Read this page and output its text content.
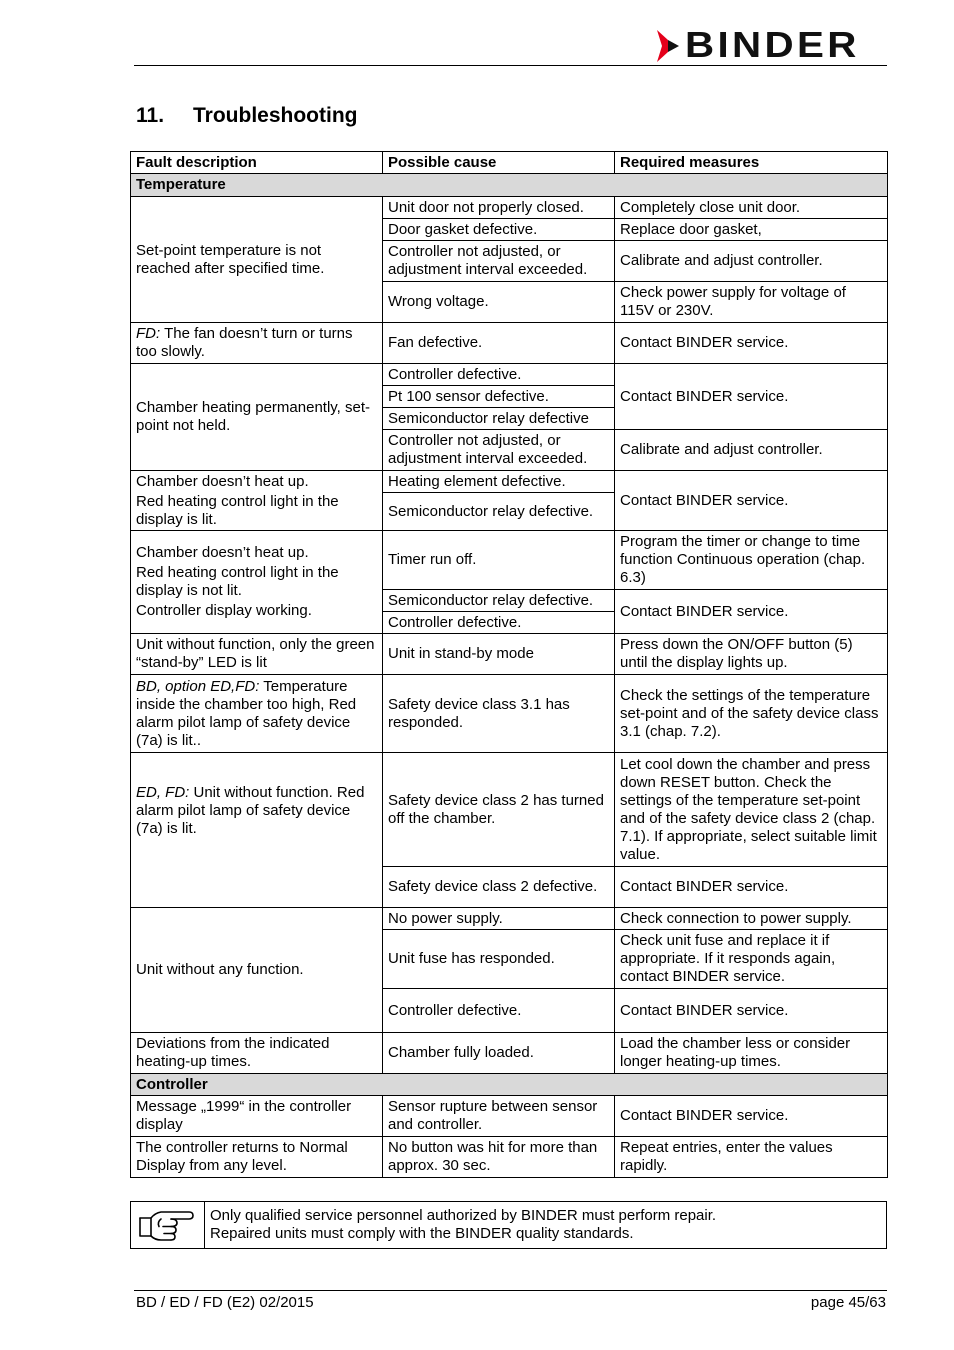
BINDER
11. Troubleshooting
Fault description	Possible cause	Required measures
Temperature		
Set-point temperature is not reached after specified time.	Unit door not properly closed.	Completely close unit door.
	Door gasket defective.	Replace door gasket,
	Controller not adjusted, or adjustment interval exceeded.	Calibrate and adjust controller.
	Wrong voltage.	Check power supply for voltage of 115V or 230V.
FD: The fan doesn’t turn or turns too slowly.	Fan defective.	Contact BINDER service.
Chamber heating permanently, set-point not held.	Controller defective.	Contact BINDER service.
	Pt 100 sensor defective.	
	Semiconductor relay defective	
	Controller not adjusted, or adjustment interval exceeded.	Calibrate and adjust controller.

Chamber doesn’t heat up.
Red heating control light in the display is lit.	Heating element defective.	Contact BINDER service.
	Semiconductor relay defective.	

Chamber doesn’t heat up.
Red heating control light in the display is not lit.
Controller display working.	Timer run off.	Program the timer or change to time function Continuous operation (chap. 6.3)
	Semiconductor relay defective.	Contact BINDER service.
	Controller defective.	
Unit without function, only the green “stand-by” LED is lit	Unit in stand-by mode	Press down the ON/OFF button (5) until the display lights up.
BD, option ED,FD: Temperature inside the chamber too high, Red alarm pilot lamp of safety device (7a) is lit..	Safety device class 3.1 has responded.	Check the settings of the temperature set-point and of the safety device class 3.1 (chap. 7.2).
ED, FD: Unit without function. Red alarm pilot lamp of safety device (7a) is lit.	Safety device class 2 has turned off the chamber.	Let cool down the chamber and press down RESET button. Check the settings of the temperature set-point and of the safety device class 2 (chap. 7.1). If appropriate, select suitable limit value.
	Safety device class 2 defective.	Contact BINDER service.
Unit without any function.	No power supply.	Check connection to power supply.
	Unit fuse has responded.	Check unit fuse and replace it if appropriate. If it responds again, contact BINDER service.
	Controller defective.	Contact BINDER service.
Deviations from the indicated heating-up times.	Chamber fully loaded.	Load the chamber less or consider longer heating-up times.
Controller		
Message „1999“ in the controller display	Sensor rupture between sensor and controller.	Contact BINDER service.
The controller returns to Normal Display from any level.	No button was hit for more than approx. 30 sec.	Repeat entries, enter the values rapidly.
Only qualified service personnel authorized by BINDER must perform repair.
Repaired units must comply with the BINDER quality standards.
BD / ED / FD (E2) 02/2015	page 45/63
